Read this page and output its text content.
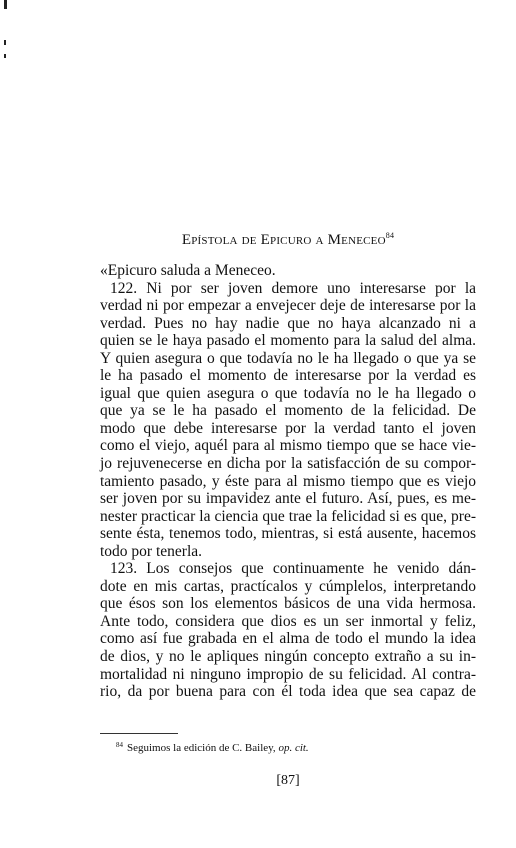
EPÍSTOLA DE EPICURO A MENECEO$^{84}$
«Epicuro saluda a Meneceo.
122. Ni por ser joven demore uno interesarse por la
verdad ni por empezar a envejecer deje de interesarse por la
verdad. Pues no hay nadie que no haya alcanzado ni a
quien se le haya pasado el momento para la salud del alma.
Y quien asegura o que todavía no le ha llegado o que ya se
le ha pasado el momento de interesarse por la verdad es
igual que quien asegura o que todavía no le ha llegado o
que ya se le ha pasado el momento de la felicidad. De
modo que debe interesarse por la verdad tanto el joven
como el viejo, aquél para al mismo tiempo que se hace vie-
jo rejuvenecerse en dicha por la satisfacción de su compor-
tamiento pasado, y éste para al mismo tiempo que es viejo
ser joven por su impavidez ante el futuro. Así, pues, es me-
nester practicar la ciencia que trae la felicidad si es que, pre-
sente ésta, tenemos todo, mientras, si está ausente, hacemos
todo por tenerla.
123. Los consejos que continuamente he venido dán-
dote en mis cartas, practícalos y cúmplelos, interpretando
que ésos son los elementos básicos de una vida hermosa.
Ante todo, considera que dios es un ser inmortal y feliz,
como así fue grabada en el alma de todo el mundo la idea
de dios, y no le apliques ningún concepto extraño a su in-
mortalidad ni ninguno impropio de su felicidad. Al contra-
rio, da por buena para con él toda idea que sea capaz de
$^{84}$ Seguimos la edición de C. Bailey, op. cit.
[87]
